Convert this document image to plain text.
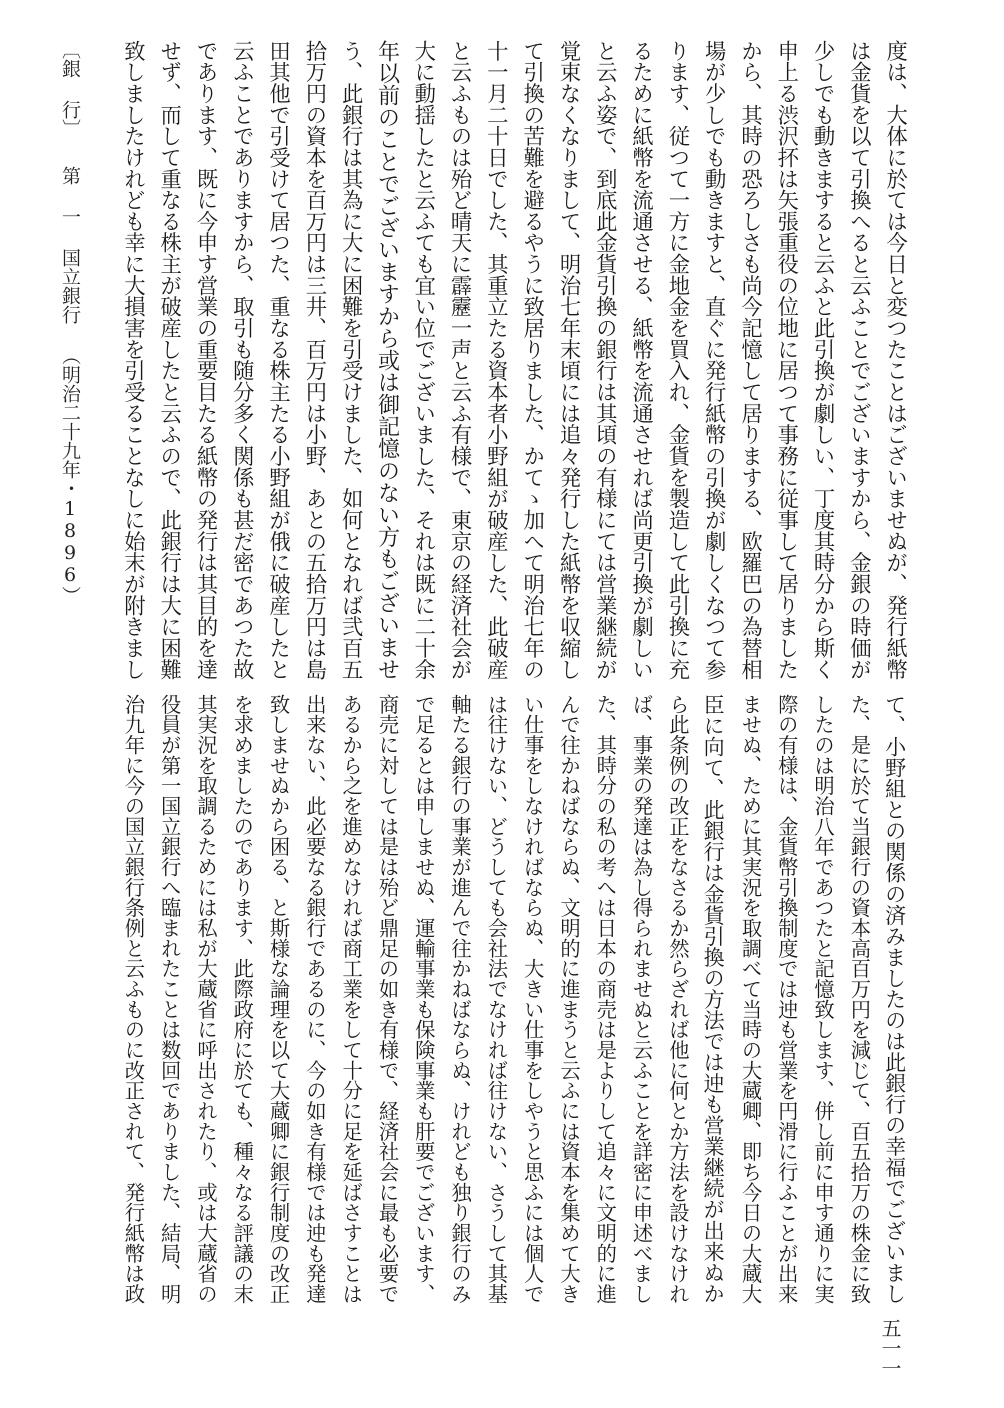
〔銀 行〕第 一 国立銀行（明治二十九年・1896）	度は、大体に於ては今日と変つたことはございませぬが、発行紙幣
は金貨を以て引換へると云ふことでございますから、金銀の時価が
少しでも動きますると云ふと此引換が劇しい、丁度其時分から斯く
申上る渋沢抔は矢張重役の位地に居つて事務に従事して居りました
から、其時の恐ろしさも尚今記憶して居りまする、欧羅巴の為替相
場が少しでも動きますと、直ぐに発行紙幣の引換が劇しくなつて参
ります、従つて一方に金地金を買入れ、金貨を製造して此引換に充
るために紙幣を流通させる、紙幣を流通させれば尚更引換が劇しい
と云ふ姿で、到底此金貨引換の銀行は其頃の有様にては営業継続が
覚束なくなりまして、明治七年末頃には追々発行した紙幣を収縮し
て引換の苦難を避るやうに致居りました、かてゝ加へて明治七年の
十一月二十日でした、其重立たる資本者小野組が破産した、此破産
と云ふものは殆ど晴天に霹靂一声と云ふ有様で、東京の経済社会が
大に動揺したと云ふても宜い位でございました、それは既に二十余
年以前のことでございますから或は御記憶のない方もございませ
う、此銀行は其為に大に困難を引受けました、如何となれば弐百五
拾万円の資本を百万円は三井、百万円は小野、あとの五拾万円は島
田其他で引受けて居つた、重なる株主たる小野組が俄に破産したと
云ふことでありますから、取引も随分多く関係も甚だ密であつた故
であります、既に今申す営業の重要目たる紙幣の発行は其目的を達
せず、而して重なる株主が破産したと云ふので、此銀行は大に困難
致しましたけれども幸に大損害を引受ることなしに始末が附きまし
て、小野組との関係の済みましたのは此銀行の幸福でございまし
た、是に於て当銀行の資本高百万円を減じて、百五拾万の株金に致
したのは明治八年であつたと記憶致します、併し前に申す通りに実
際の有様は、金貨幣引換制度では迚も営業を円滑に行ふことが出来
ませぬ、ために其実況を取調べて当時の大蔵卿、即ち今日の大蔵大
臣に向て、此銀行は金貨引換の方法では迚も営業継続が出来ぬか
ら此条例の改正をなさるか然らざれば他に何とか方法を設けなけれ
ば、事業の発達は為し得られませぬと云ふことを詳密に申述べまし
た、其時分の私の考へは日本の商売は是よりして追々に文明的に進
んで往かねばならぬ、文明的に進まうと云ふには資本を集めて大き
い仕事をしなければならぬ、大きい仕事をしやうと思ふには個人で
は往けない、どうしても会社法でなければ往けない、さうして其基
軸たる銀行の事業が進んで往かねばならぬ、けれども独り銀行のみ
で足るとは申しませぬ、運輸事業も保険事業も肝要でございます、
商売に対しては是は殆ど鼎足の如き有様で、経済社会に最も必要で
あるから之を進めなければ商工業をして十分に足を延ばさすことは
出来ない、此必要なる銀行であるのに、今の如き有様では迚も発達
致しませぬから困る、と斯様な論理を以て大蔵卿に銀行制度の改正
を求めましたのであります、此際政府に於ても、種々なる評議の末
其実況を取調るためには私が大蔵省に呼出されたり、或は大蔵省の
役員が第一国立銀行へ臨まれたことは数回でありました、結局、明
治九年に今の国立銀行条例と云ふものに改正されて、発行紙幣は政
五一一
